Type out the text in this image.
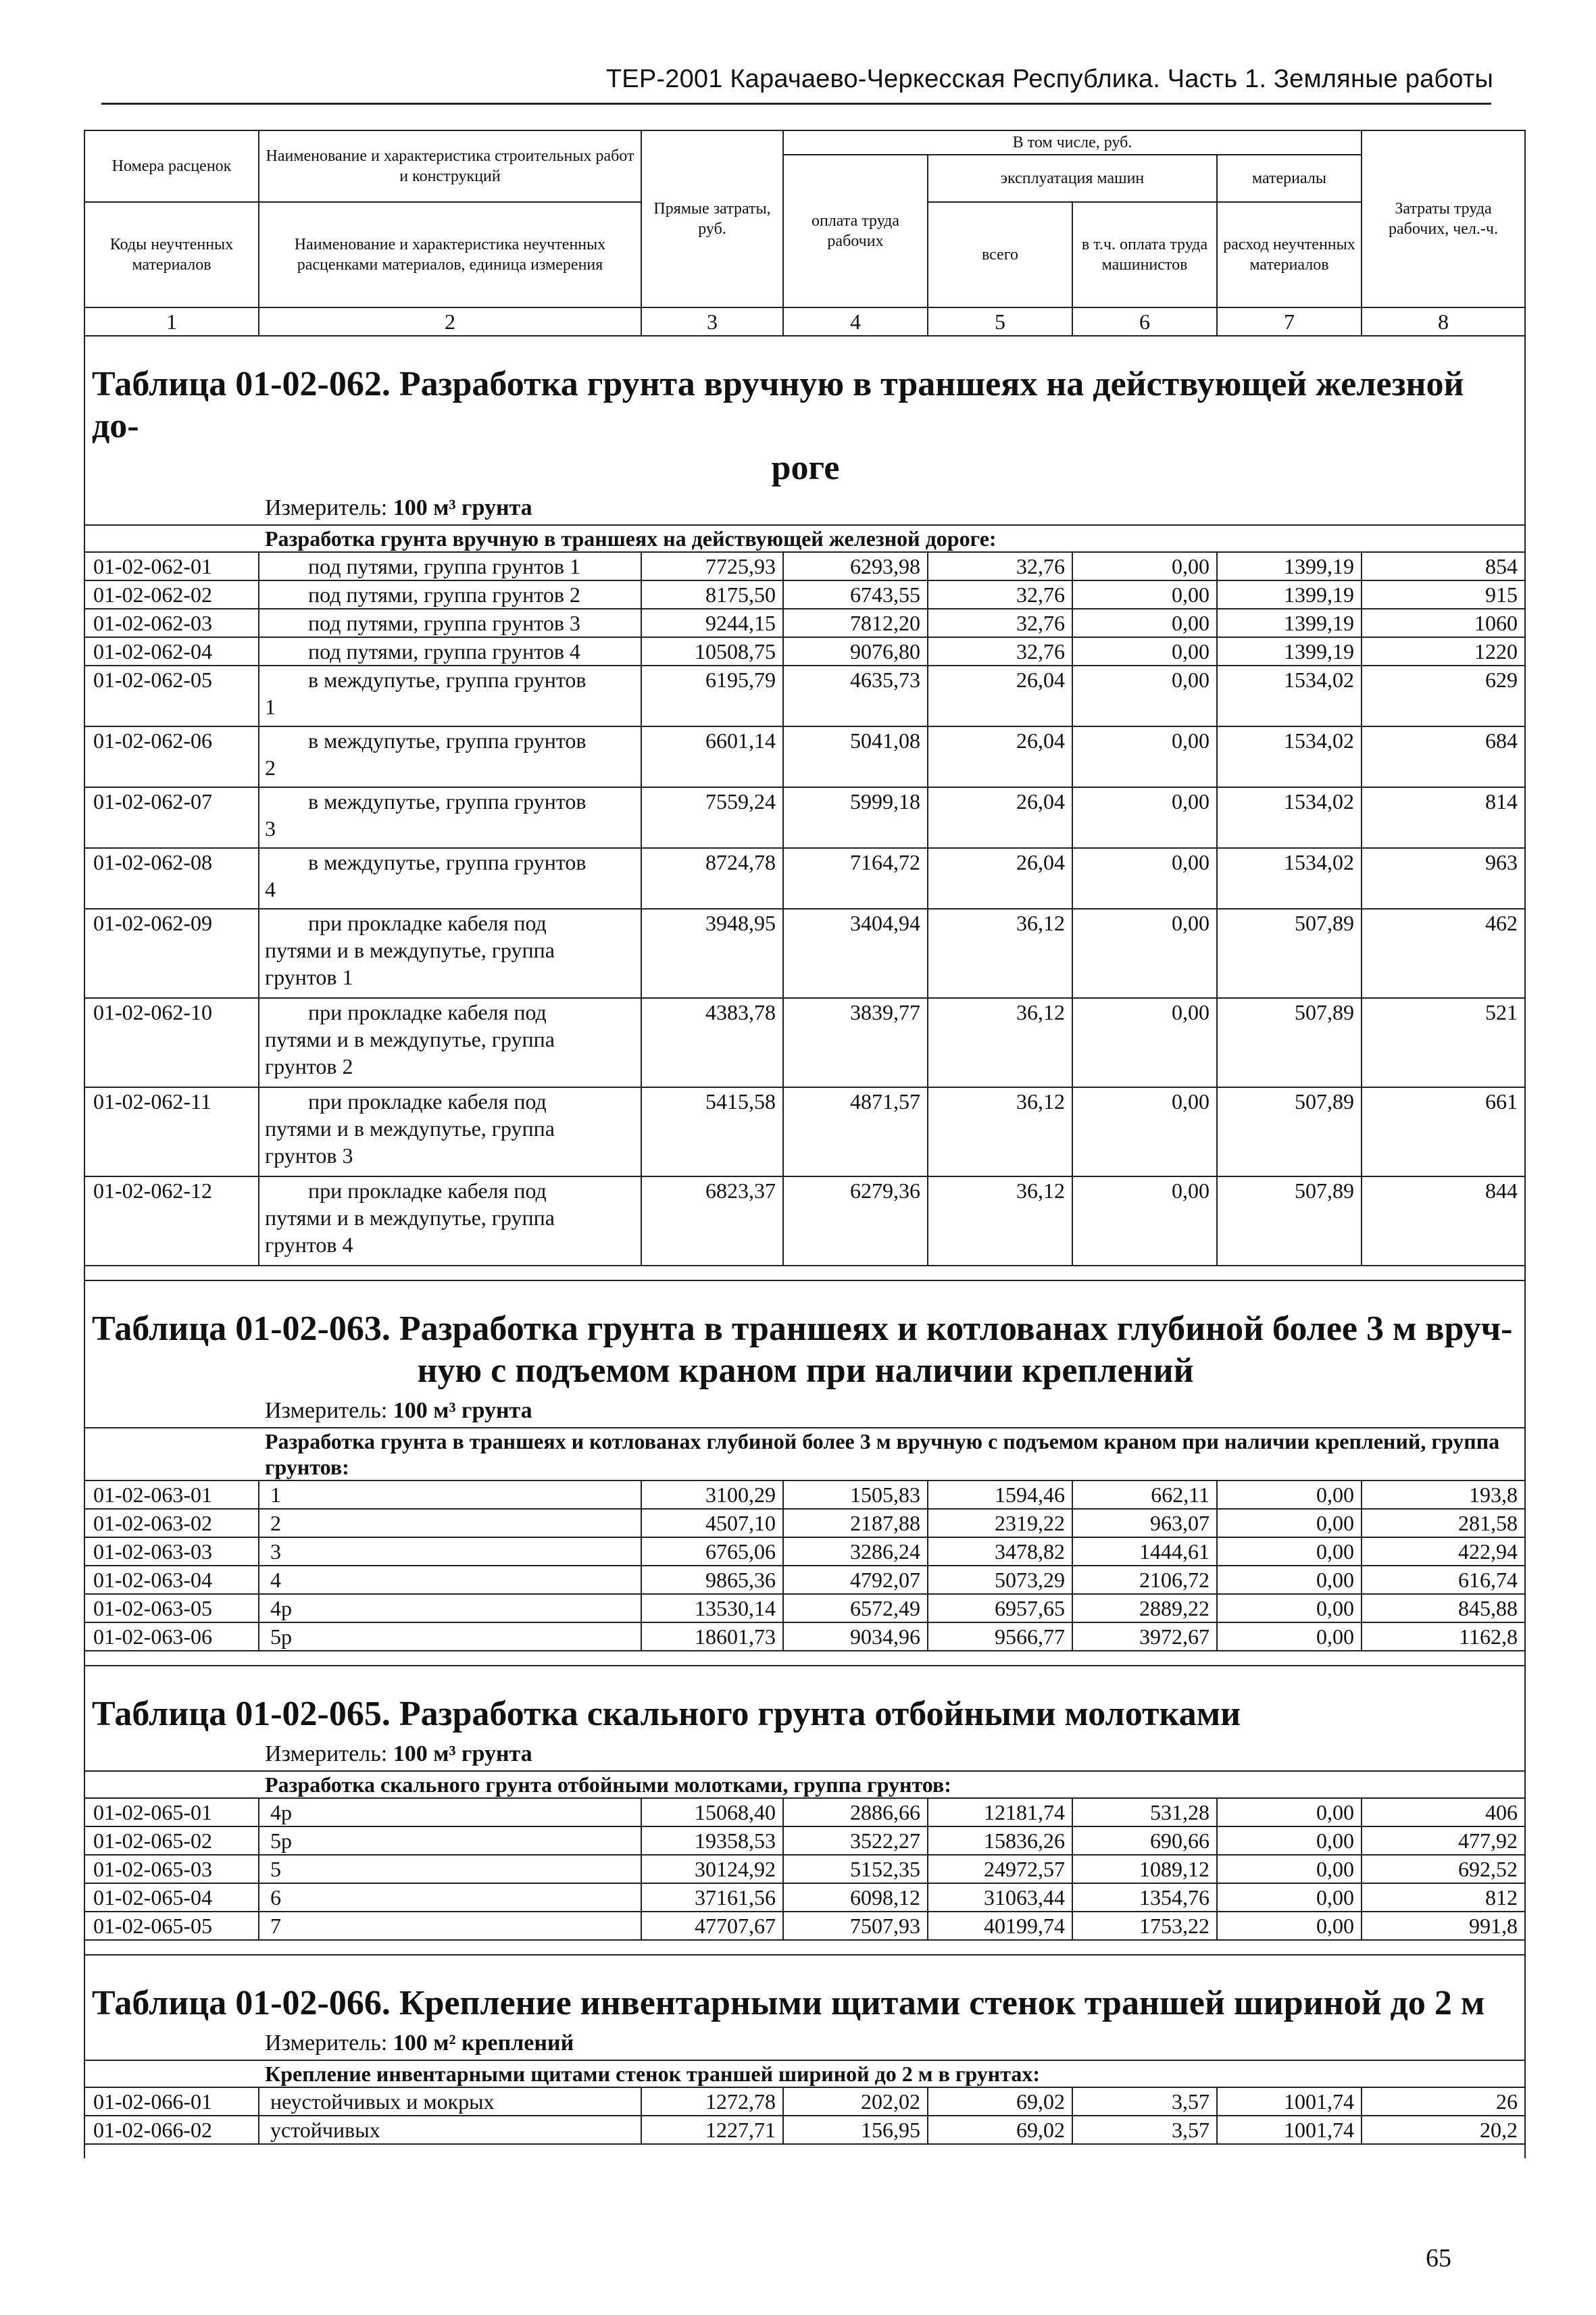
ТЕР-2001 Карачаево-Черкесская Республика. Часть 1. Земляные работы
Номера расценок	Наименование и характеристика строительных работ и конструкций	Прямые затраты, руб.	В том числе, руб.				Затраты труда рабочих, чел.-ч.
			оплата труда рабочих	эксплуатация машин		материалы	
Коды неучтенных материалов	Наименование и характеристика неучтенных расценками материалов, единица измерения			всего	в т.ч. оплата труда машинистов	расход неучтенных материалов	

1	2	3	4	5	6	7	8
Таблица 01-02-062. Разработка грунта вручную в траншеях на действующей железной до-
роге							

Измеритель: 100 м³ грунта							

Разработка грунта вручную в траншеях на действующей железной дороге:							
01-02-062-01	под путями, группа грунтов 1	7725,93	6293,98	32,76	0,00	1399,19	854
01-02-062-02	под путями, группа грунтов 2	8175,50	6743,55	32,76	0,00	1399,19	915
01-02-062-03	под путями, группа грунтов 3	9244,15	7812,20	32,76	0,00	1399,19	1060
01-02-062-04	под путями, группа грунтов 4	10508,75	9076,80	32,76	0,00	1399,19	1220
01-02-062-05	в междупутье, группа грунтов
1	6195,79	4635,73	26,04	0,00	1534,02	629
01-02-062-06	в междупутье, группа грунтов
2	6601,14	5041,08	26,04	0,00	1534,02	684
01-02-062-07	в междупутье, группа грунтов
3	7559,24	5999,18	26,04	0,00	1534,02	814
01-02-062-08	в междупутье, группа грунтов
4	8724,78	7164,72	26,04	0,00	1534,02	963
01-02-062-09	при прокладке кабеля под
путями и в междупутье, группа
грунтов 1	3948,95	3404,94	36,12	0,00	507,89	462
01-02-062-10	при прокладке кабеля под
путями и в междупутье, группа
грунтов 2	4383,78	3839,77	36,12	0,00	507,89	521
01-02-062-11	при прокладке кабеля под
путями и в междупутье, группа
грунтов 3	5415,58	4871,57	36,12	0,00	507,89	661
01-02-062-12	при прокладке кабеля под
путями и в междупутье, группа
грунтов 4	6823,37	6279,36	36,12	0,00	507,89	844

Таблица 01-02-063. Разработка грунта в траншеях и котлованах глубиной более 3 м вруч-
ную с подъемом краном при наличии креплений							

Измеритель: 100 м³ грунта							

Разработка грунта в траншеях и котлованах глубиной более 3 м вручную с подъемом краном при наличии креплений, группа грунтов:							
01-02-063-01	1	3100,29	1505,83	1594,46	662,11	0,00	193,8
01-02-063-02	2	4507,10	2187,88	2319,22	963,07	0,00	281,58
01-02-063-03	3	6765,06	3286,24	3478,82	1444,61	0,00	422,94
01-02-063-04	4	9865,36	4792,07	5073,29	2106,72	0,00	616,74
01-02-063-05	4р	13530,14	6572,49	6957,65	2889,22	0,00	845,88
01-02-063-06	5р	18601,73	9034,96	9566,77	3972,67	0,00	1162,8

Таблица 01-02-065. Разработка скального грунта отбойными молотками							

Измеритель: 100 м³ грунта							

Разработка скального грунта отбойными молотками, группа грунтов:							
01-02-065-01	4р	15068,40	2886,66	12181,74	531,28	0,00	406
01-02-065-02	5р	19358,53	3522,27	15836,26	690,66	0,00	477,92
01-02-065-03	5	30124,92	5152,35	24972,57	1089,12	0,00	692,52
01-02-065-04	6	37161,56	6098,12	31063,44	1354,76	0,00	812
01-02-065-05	7	47707,67	7507,93	40199,74	1753,22	0,00	991,8

Таблица 01-02-066. Крепление инвентарными щитами стенок траншей шириной до 2 м							

Измеритель: 100 м² креплений							

Крепление инвентарными щитами стенок траншей шириной до 2 м в грунтах:							
01-02-066-01	неустойчивых и мокрых	1272,78	202,02	69,02	3,57	1001,74	26
01-02-066-02	устойчивых	1227,71	156,95	69,02	3,57	1001,74	20,2

65
